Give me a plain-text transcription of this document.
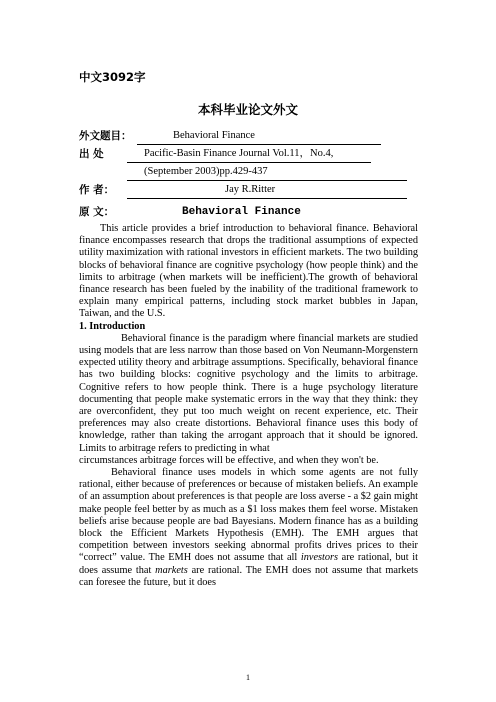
中文3092字
本科毕业论文外文
外文题目：	Behavioral Finance
出 处	Pacific-Basin Finance Journal Vol.11，No.4,
(September 2003)pp.429-437
作 者：	Jay R.Ritter
原 文：	Behavioral Finance

This article provides a brief introduction to behavioral finance. Behavioral finance encompasses research that drops the traditional assumptions of expected utility maximization with rational investors in efficient markets. The two building blocks of behavioral finance are cognitive psychology (how people think) and the limits to arbitrage (when markets will be inefficient).The growth of behavioral finance research has been fueled by the inability of the traditional framework to explain many empirical patterns, including stock market bubbles in Japan, Taiwan, and the U.S.

1. Introduction

Behavioral finance is the paradigm where financial markets are studied using models that are less narrow than those based on Von Neumann-Morgenstern expected utility theory and arbitrage assumptions. Specifically, behavioral finance has two building blocks: cognitive psychology and the limits to arbitrage. Cognitive refers to how people think. There is a huge psychology literature documenting that people make systematic errors in the way that they think: they are overconfident, they put too much weight on recent experience, etc. Their preferences may also create distortions. Behavioral finance uses this body of knowledge, rather than taking the arrogant approach that it should be ignored. Limits to arbitrage refers to predicting in what

circumstances arbitrage forces will be effective, and when they won't be.

Behavioral finance uses models in which some agents are not fully rational, either because of preferences or because of mistaken beliefs. An example of an assumption about preferences is that people are loss averse - a $2 gain might make people feel better by as much as a $1 loss makes them feel worse. Mistaken beliefs arise because people are bad Bayesians. Modern finance has as a building block the Efficient Markets Hypothesis (EMH). The EMH argues that competition between investors seeking abnormal profits drives prices to their “correct” value. The EMH does not assume that all investors are rational, but it does assume that markets are rational. The EMH does not assume that markets can foresee the future, but it does

1
